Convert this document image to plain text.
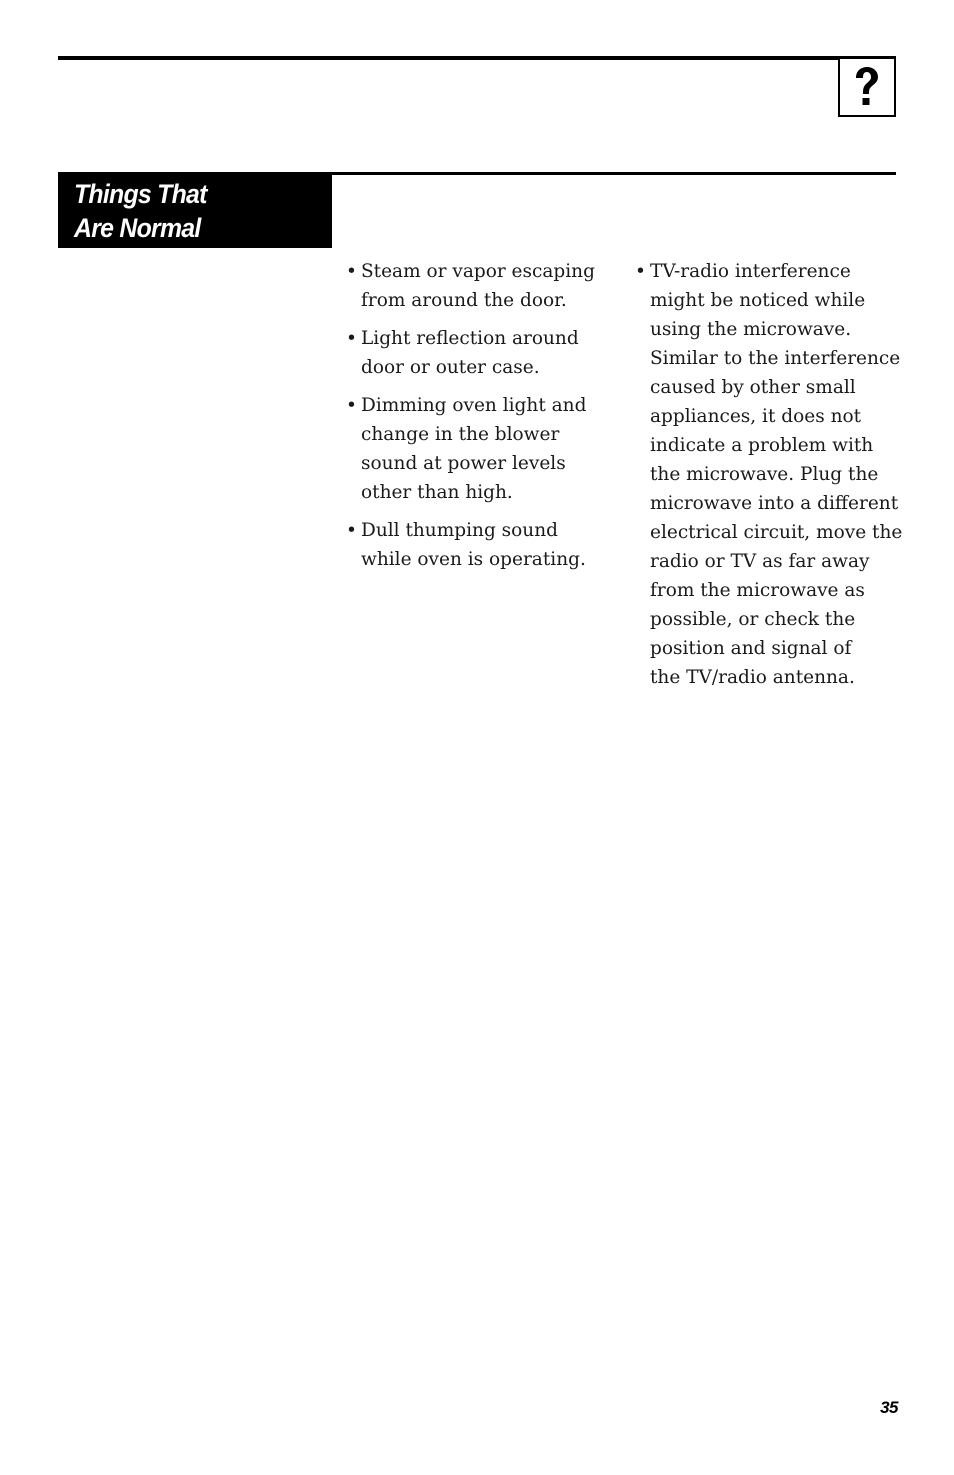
Things That
Are Normal
• Steam or vapor escaping
from around the door.
• Light reflection around
door or outer case.
• Dimming oven light and
change in the blower
sound at power levels
other than high.
• Dull thumping sound
while oven is operating.
• TV-radio interference
might be noticed while
using the microwave.
Similar to the interference
caused by other small
appliances, it does not
indicate a problem with
the microwave. Plug the
microwave into a different
electrical circuit, move the
radio or TV as far away
from the microwave as
possible, or check the
position and signal of
the TV/radio antenna.
35
